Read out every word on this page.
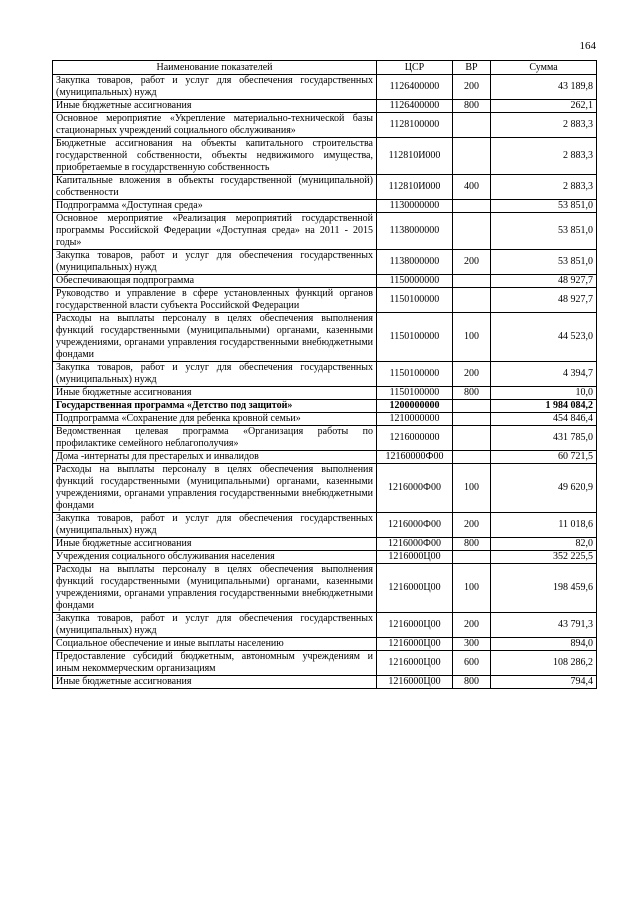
164
Наименование показателей	ЦСР	ВР	Сумма
Закупка товаров, работ и услуг для обеспечения государственных (муниципальных) нужд	1126400000	200	43 189,8
Иные бюджетные ассигнования	1126400000	800	262,1
Основное мероприятие «Укрепление материально-технической базы стационарных учреждений социального обслуживания»	1128100000		2 883,3
Бюджетные ассигнования на объекты капитального строительства государственной собственности, объекты недвижимого имущества, приобретаемые в государственную собственность	112810И000		2 883,3
Капитальные вложения в объекты государственной (муниципальной) собственности	112810И000	400	2 883,3
Подпрограмма «Доступная среда»	1130000000		53 851,0
Основное мероприятие «Реализация мероприятий государственной программы Российской Федерации «Доступная среда» на 2011 - 2015 годы»	1138000000		53 851,0
Закупка товаров, работ и услуг для обеспечения государственных (муниципальных) нужд	1138000000	200	53 851,0
Обеспечивающая подпрограмма	1150000000		48 927,7
Руководство и управление в сфере установленных функций органов государственной власти субъекта Российской Федерации	1150100000		48 927,7
Расходы на выплаты персоналу в целях обеспечения выполнения функций государственными (муниципальными) органами, казенными учреждениями, органами управления государственными внебюджетными фондами	1150100000	100	44 523,0
Закупка товаров, работ и услуг для обеспечения государственных (муниципальных) нужд	1150100000	200	4 394,7
Иные бюджетные ассигнования	1150100000	800	10,0
Государственная программа «Детство под защитой»	1200000000		1 984 084,2
Подпрограмма «Сохранение для ребенка кровной семьи»	1210000000		454 846,4
Ведомственная целевая программа «Организация работы по профилактике семейного неблагополучия»	1216000000		431 785,0
Дома -интернаты для престарелых и инвалидов	12160000Ф00		60 721,5
Расходы на выплаты персоналу в целях обеспечения выполнения функций государственными (муниципальными) органами, казенными учреждениями, органами управления государственными внебюджетными фондами	1216000Ф00	100	49 620,9
Закупка товаров, работ и услуг для обеспечения государственных (муниципальных) нужд	1216000Ф00	200	11 018,6
Иные бюджетные ассигнования	1216000Ф00	800	82,0
Учреждения социального обслуживания населения	1216000Ц00		352 225,5
Расходы на выплаты персоналу в целях обеспечения выполнения функций государственными (муниципальными) органами, казенными учреждениями, органами управления государственными внебюджетными фондами	1216000Ц00	100	198 459,6
Закупка товаров, работ и услуг для обеспечения государственных (муниципальных) нужд	1216000Ц00	200	43 791,3
Социальное обеспечение и иные выплаты населению	1216000Ц00	300	894,0
Предоставление субсидий бюджетным, автономным учреждениям и иным некоммерческим организациям	1216000Ц00	600	108 286,2
Иные бюджетные ассигнования	1216000Ц00	800	794,4
